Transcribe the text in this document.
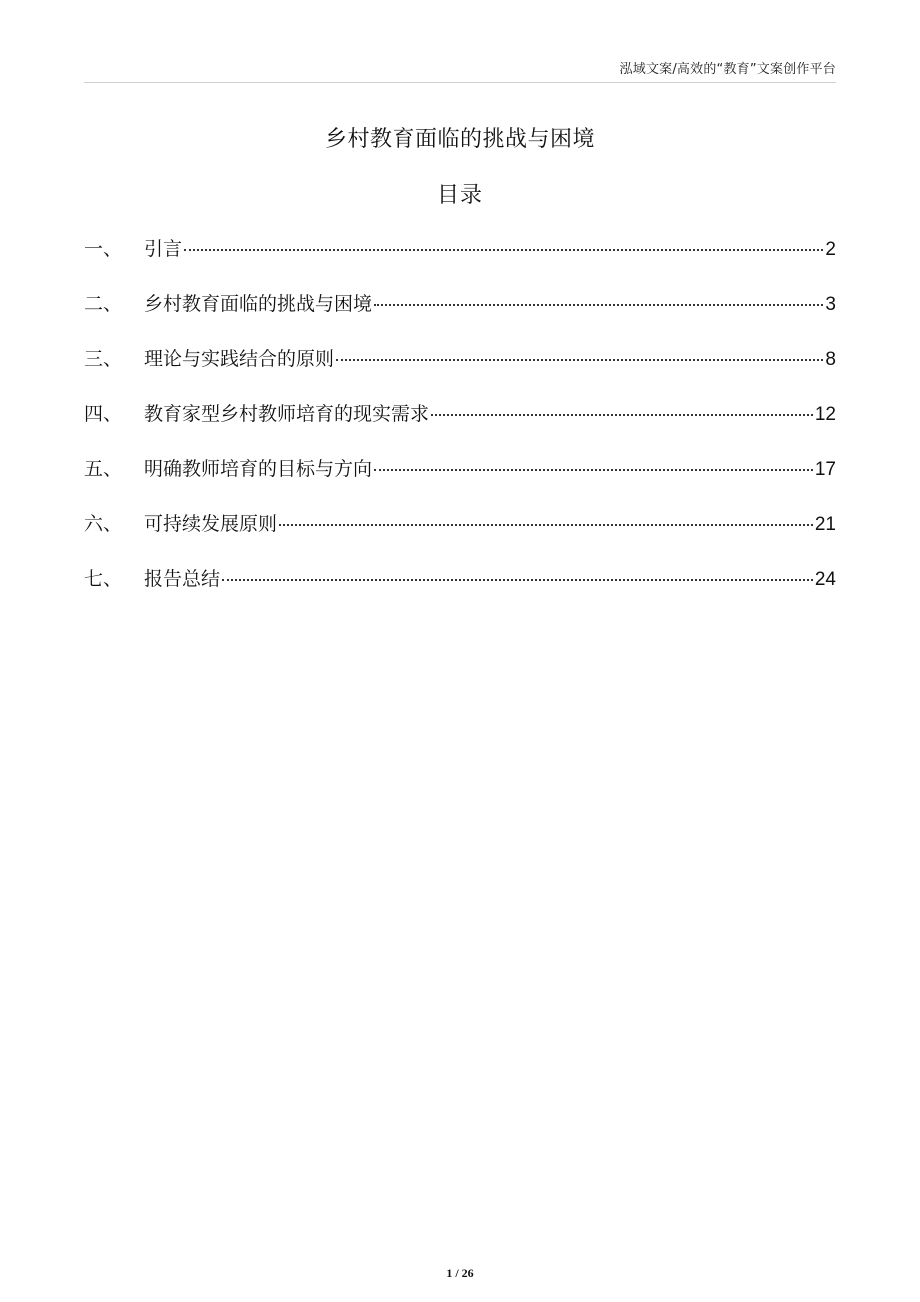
泓域文案/高效的“教育”文案创作平台
乡村教育面临的挑战与困境
目录
一、	引言	2
二、	乡村教育面临的挑战与困境	3
三、	理论与实践结合的原则	8
四、	教育家型乡村教师培育的现实需求	12
五、	明确教师培育的目标与方向	17
六、	可持续发展原则	21
七、	报告总结	24
1 / 26
